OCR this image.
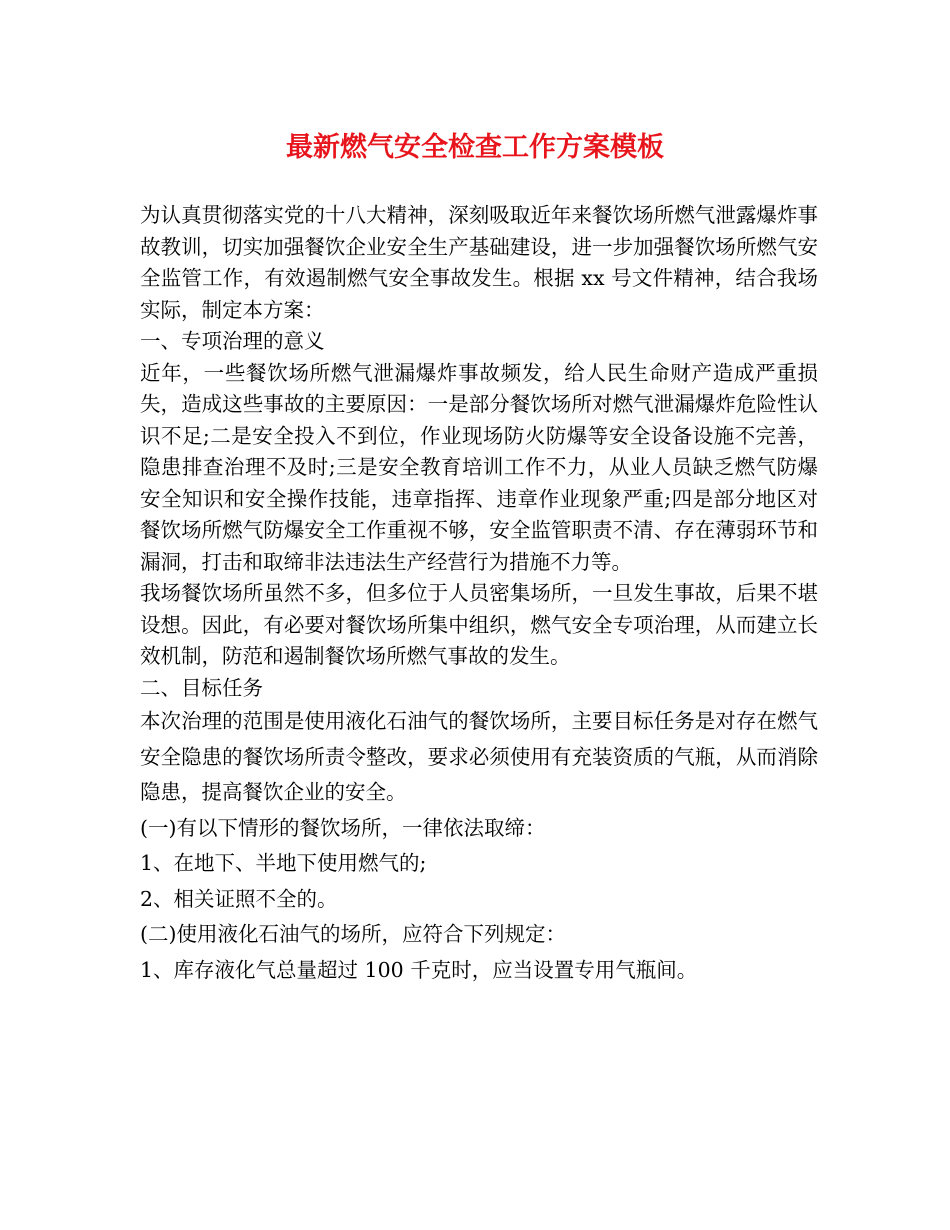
最新燃气安全检查工作方案模板

为认真贯彻落实党的十八大精神，深刻吸取近年来餐饮场所燃气泄露爆炸事故教训，切实加强餐饮企业安全生产基础建设，进一步加强餐饮场所燃气安全监管工作，有效遏制燃气安全事故发生。根据 xx 号文件精神，结合我场实际，制定本方案：

一、专项治理的意义

近年，一些餐饮场所燃气泄漏爆炸事故频发，给人民生命财产造成严重损失，造成这些事故的主要原因：一是部分餐饮场所对燃气泄漏爆炸危险性认识不足;二是安全投入不到位，作业现场防火防爆等安全设备设施不完善，隐患排查治理不及时;三是安全教育培训工作不力，从业人员缺乏燃气防爆安全知识和安全操作技能，违章指挥、违章作业现象严重;四是部分地区对餐饮场所燃气防爆安全工作重视不够，安全监管职责不清、存在薄弱环节和漏洞，打击和取缔非法违法生产经营行为措施不力等。

我场餐饮场所虽然不多，但多位于人员密集场所，一旦发生事故，后果不堪设想。因此，有必要对餐饮场所集中组织，燃气安全专项治理，从而建立长效机制，防范和遏制餐饮场所燃气事故的发生。

二、目标任务

本次治理的范围是使用液化石油气的餐饮场所，主要目标任务是对存在燃气安全隐患的餐饮场所责令整改，要求必须使用有充装资质的气瓶，从而消除隐患，提高餐饮企业的安全。

(一)有以下情形的餐饮场所，一律依法取缔：

1、在地下、半地下使用燃气的;

2、相关证照不全的。

(二)使用液化石油气的场所，应符合下列规定：

1、库存液化气总量超过 100 千克时，应当设置专用气瓶间。
